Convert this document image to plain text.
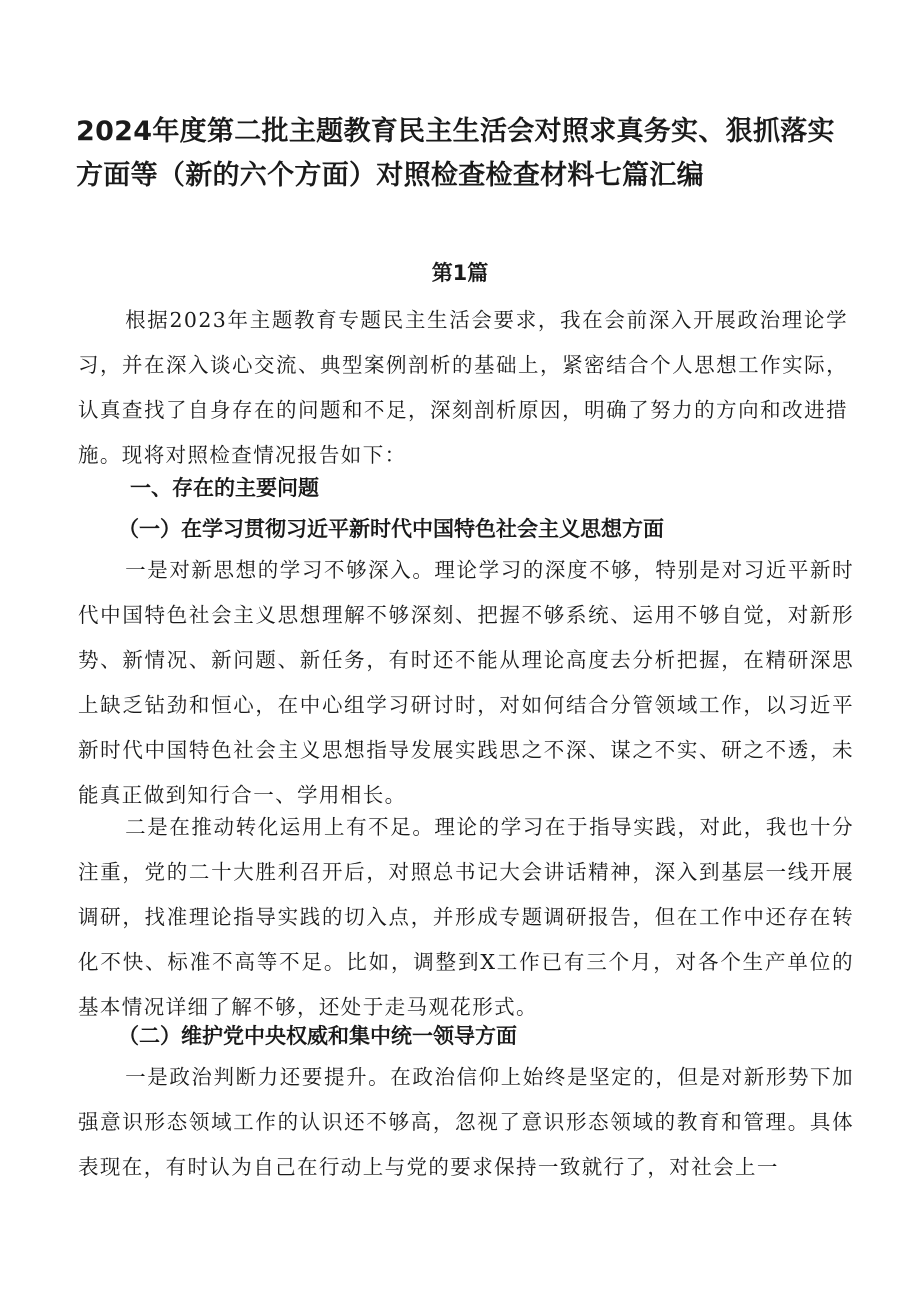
2024年度第二批主题教育民主生活会对照求真务实、狠抓落实方面等（新的六个方面）对照检查检查材料七篇汇编
第1篇

根据2023年主题教育专题民主生活会要求，我在会前深入开展政治理论学习，并在深入谈心交流、典型案例剖析的基础上，紧密结合个人思想工作实际，认真查找了自身存在的问题和不足，深刻剖析原因，明确了努力的方向和改进措施。现将对照检查情况报告如下：

一、存在的主要问题
（一）在学习贯彻习近平新时代中国特色社会主义思想方面

一是对新思想的学习不够深入。理论学习的深度不够，特别是对习近平新时代中国特色社会主义思想理解不够深刻、把握不够系统、运用不够自觉，对新形势、新情况、新问题、新任务，有时还不能从理论高度去分析把握，在精研深思上缺乏钻劲和恒心，在中心组学习研讨时，对如何结合分管领域工作，以习近平新时代中国特色社会主义思想指导发展实践思之不深、谋之不实、研之不透，未能真正做到知行合一、学用相长。

二是在推动转化运用上有不足。理论的学习在于指导实践，对此，我也十分注重，党的二十大胜利召开后，对照总书记大会讲话精神，深入到基层一线开展调研，找准理论指导实践的切入点，并形成专题调研报告，但在工作中还存在转化不快、标准不高等不足。比如，调整到X工作已有三个月，对各个生产单位的基本情况详细了解不够，还处于走马观花形式。

（二）维护党中央权威和集中统一领导方面

一是政治判断力还要提升。在政治信仰上始终是坚定的，但是对新形势下加强意识形态领域工作的认识还不够高，忽视了意识形态领域的教育和管理。具体表现在，有时认为自己在行动上与党的要求保持一致就行了，对社会上一
